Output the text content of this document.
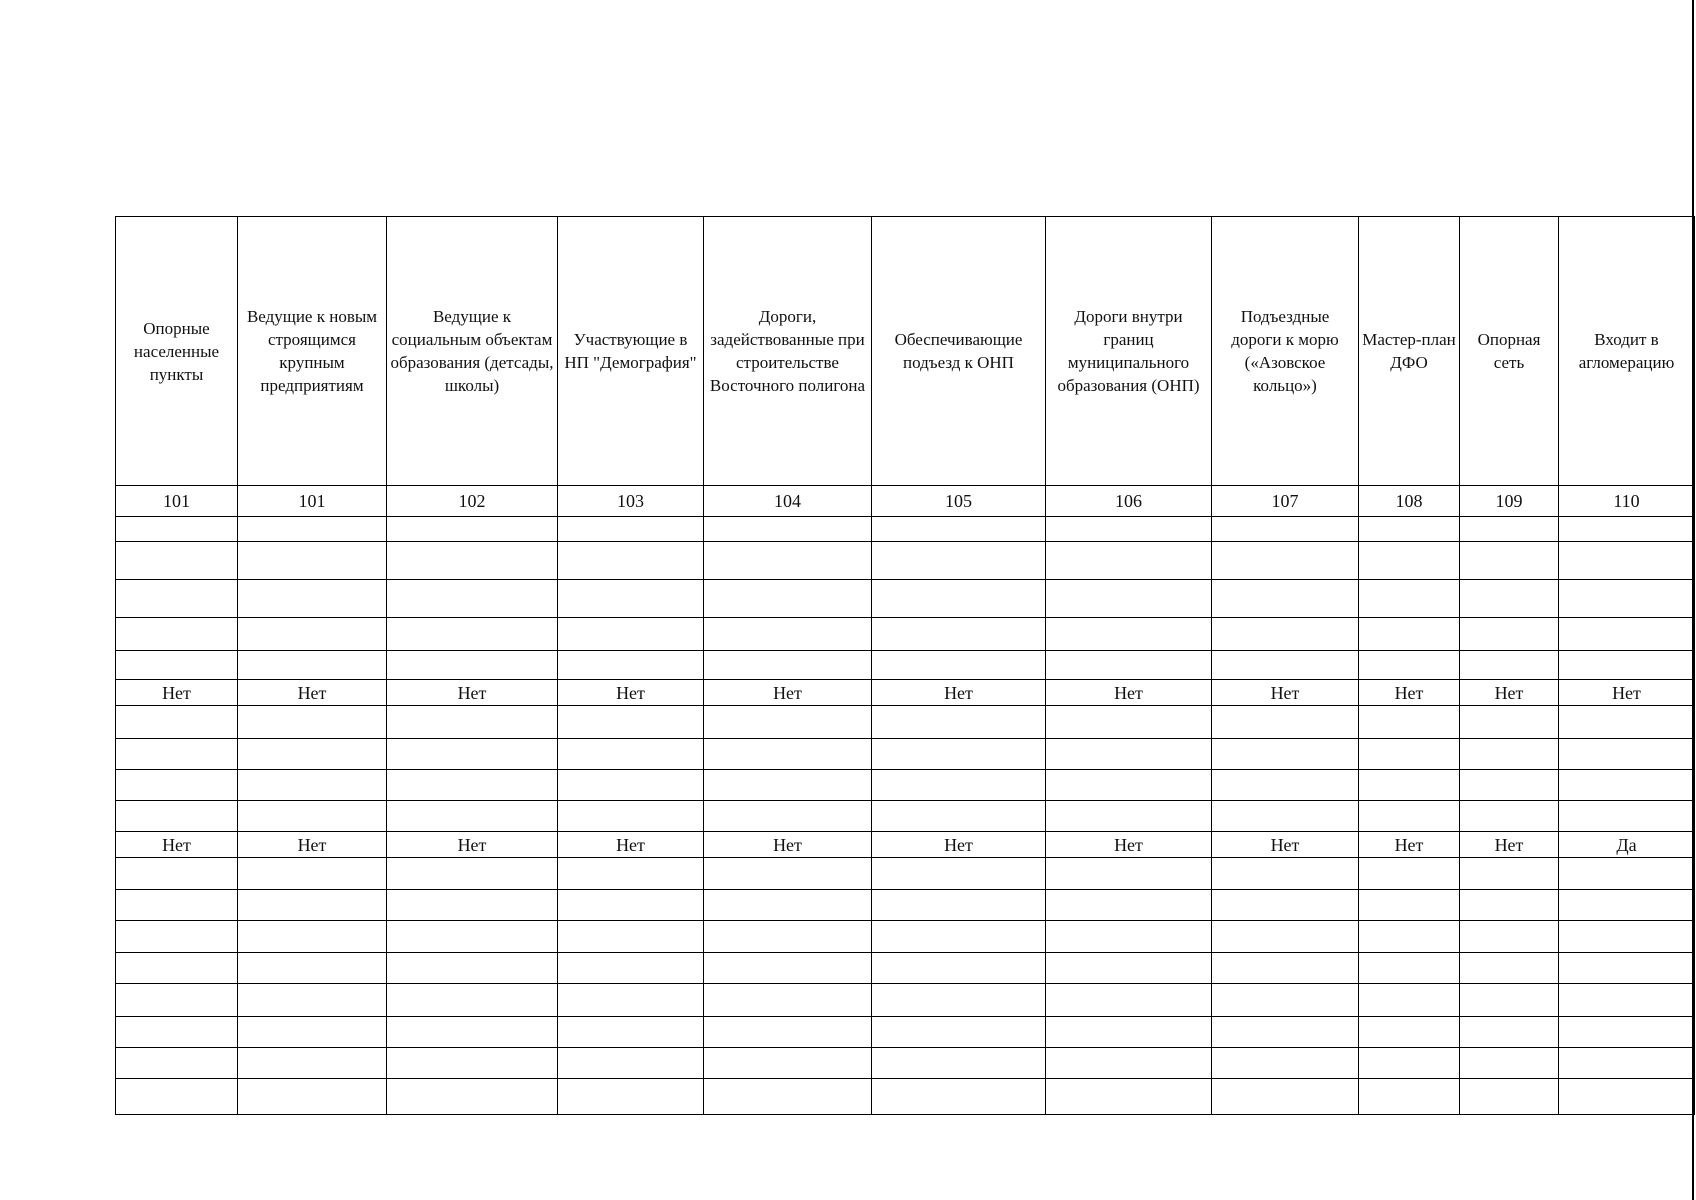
Опорные населенные пункты	Ведущие к новым строящимся крупным предприятиям	Ведущие к социальным объектам образования (детсады, школы)	Участвующие в НП "Демография"	Дороги, задействованные при строительстве Восточного полигона	Обеспечивающие подъезд к ОНП	Дороги внутри границ муниципального образования (ОНП)	Подъездные дороги к морю («Азовское кольцо»)	Мастер-план ДФО	Опорная сеть	Входит в агломерацию
101	101	102	103	104	105	106	107	108	109	110

Нет	Нет	Нет	Нет	Нет	Нет	Нет	Нет	Нет	Нет	Нет

Нет	Нет	Нет	Нет	Нет	Нет	Нет	Нет	Нет	Нет	Да
